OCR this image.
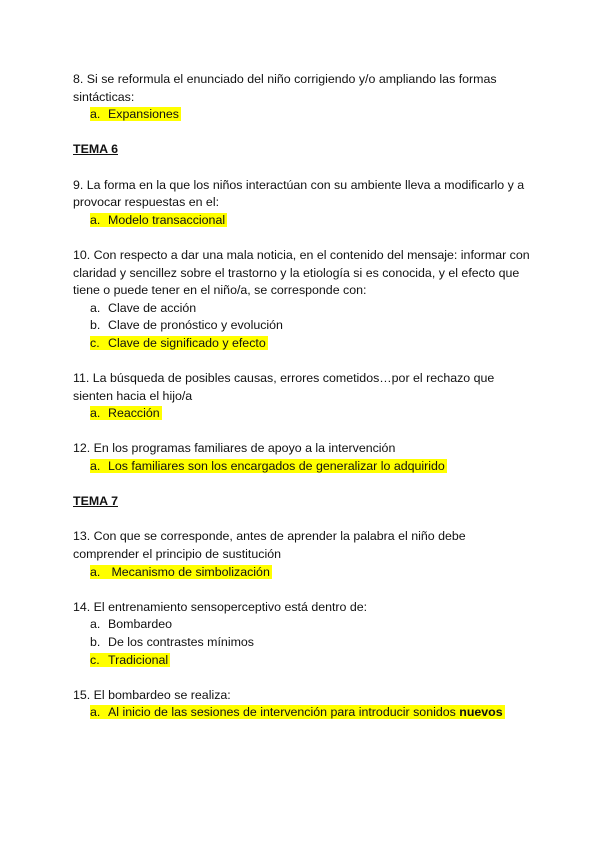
8. Si se reformula el enunciado del niño corrigiendo y/o ampliando las formas sintácticas:

a. Expansiones

TEMA 6

9. La forma en la que los niños interactúan con su ambiente lleva a modificarlo y a provocar respuestas en el:

a. Modelo transaccional

10. Con respecto a dar una mala noticia, en el contenido del mensaje: informar con claridad y sencillez sobre el trastorno y la etiología si es conocida, y el efecto que tiene o puede tener en el niño/a, se corresponde con:

a. Clave de acción
b. Clave de pronóstico y evolución
c. Clave de significado y efecto

11. La búsqueda de posibles causas, errores cometidos…por el rechazo que sienten hacia el hijo/a

a. Reacción

12. En los programas familiares de apoyo a la intervención

a. Los familiares son los encargados de generalizar lo adquirido

TEMA 7

13. Con que se corresponde, antes de aprender la palabra el niño debe comprender el principio de sustitución

a. Mecanismo de simbolización

14. El entrenamiento sensoperceptivo está dentro de:

a. Bombardeo
b. De los contrastes mínimos
c. Tradicional

15. El bombardeo se realiza:

a. Al inicio de las sesiones de intervención para introducir sonidos nuevos
